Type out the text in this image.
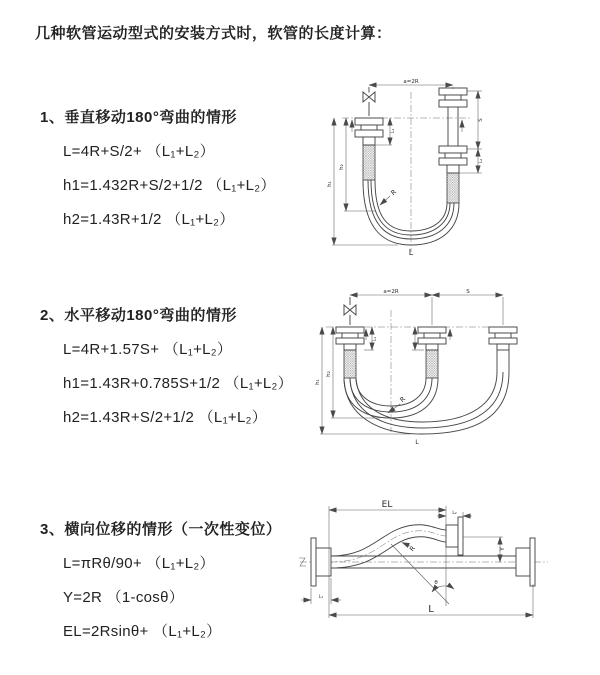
几种软管运动型式的安装方式时，软管的长度计算：
1、垂直移动180°弯曲的情形
L=4R+S/2+ （L₁+L₂）
h1=1.432R+S/2+1/2 （L₁+L₂）
h2=1.43R+1/2 （L₁+L₂）
2、水平移动180°弯曲的情形
L=4R+1.57S+ （L₁+L₂）
h1=1.43R+0.785S+1/2 （L₁+L₂）
h2=1.43R+S/2+1/2 （L₁+L₂）
3、横向位移的情形（一次性变位）
L=πRθ/90+ （L₁+L₂）
Y=2R （1-cosθ）
EL=2Rsinθ+ （L₁+L₂）
a=2R
h₁
h₂
L₁
S
L₂
R
L
a=2R	S
L₁
h₁
h₂
R
L
EL
L₂
Y
θ
R
L
L₁
